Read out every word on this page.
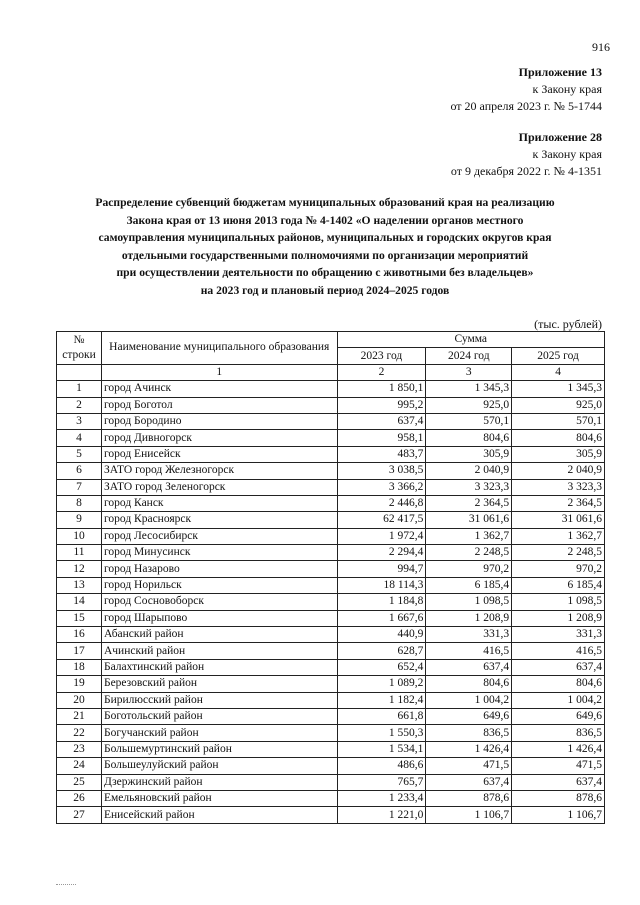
916
Приложение 13
к Закону края
от 20 апреля 2023 г. № 5-1744
Приложение 28
к Закону края
от 9 декабря 2022 г. № 4-1351
Распределение субвенций бюджетам муниципальных образований края на реализацию
Закона края от 13 июня 2013 года № 4-1402 «О наделении органов местного
самоуправления муниципальных районов, муниципальных и городских округов края
отдельными государственными полномочиями по организации мероприятий
при осуществлении деятельности по обращению с животными без владельцев»
на 2023 год и плановый период 2024–2025 годов
(тыс. рублей)
№ строки	Наименование муниципального образования	Сумма		
		2023 год	2024 год	2025 год
	1	2	3	4
1	город Ачинск	1 850,1	1 345,3	1 345,3
2	город Боготол	995,2	925,0	925,0
3	город Бородино	637,4	570,1	570,1
4	город Дивногорск	958,1	804,6	804,6
5	город Енисейск	483,7	305,9	305,9
6	ЗАТО город Железногорск	3 038,5	2 040,9	2 040,9
7	ЗАТО город Зеленогорск	3 366,2	3 323,3	3 323,3
8	город Канск	2 446,8	2 364,5	2 364,5
9	город Красноярск	62 417,5	31 061,6	31 061,6
10	город Лесосибирск	1 972,4	1 362,7	1 362,7
11	город Минусинск	2 294,4	2 248,5	2 248,5
12	город Назарово	994,7	970,2	970,2
13	город Норильск	18 114,3	6 185,4	6 185,4
14	город Сосновоборск	1 184,8	1 098,5	1 098,5
15	город Шарыпово	1 667,6	1 208,9	1 208,9
16	Абанский район	440,9	331,3	331,3
17	Ачинский район	628,7	416,5	416,5
18	Балахтинский район	652,4	637,4	637,4
19	Березовский район	1 089,2	804,6	804,6
20	Бирилюсский район	1 182,4	1 004,2	1 004,2
21	Боготольский район	661,8	649,6	649,6
22	Богучанский район	1 550,3	836,5	836,5
23	Большемуртинский район	1 534,1	1 426,4	1 426,4
24	Большеулуйский район	486,6	471,5	471,5
25	Дзержинский район	765,7	637,4	637,4
26	Емельяновский район	1 233,4	878,6	878,6
27	Енисейский район	1 221,0	1 106,7	1 106,7
